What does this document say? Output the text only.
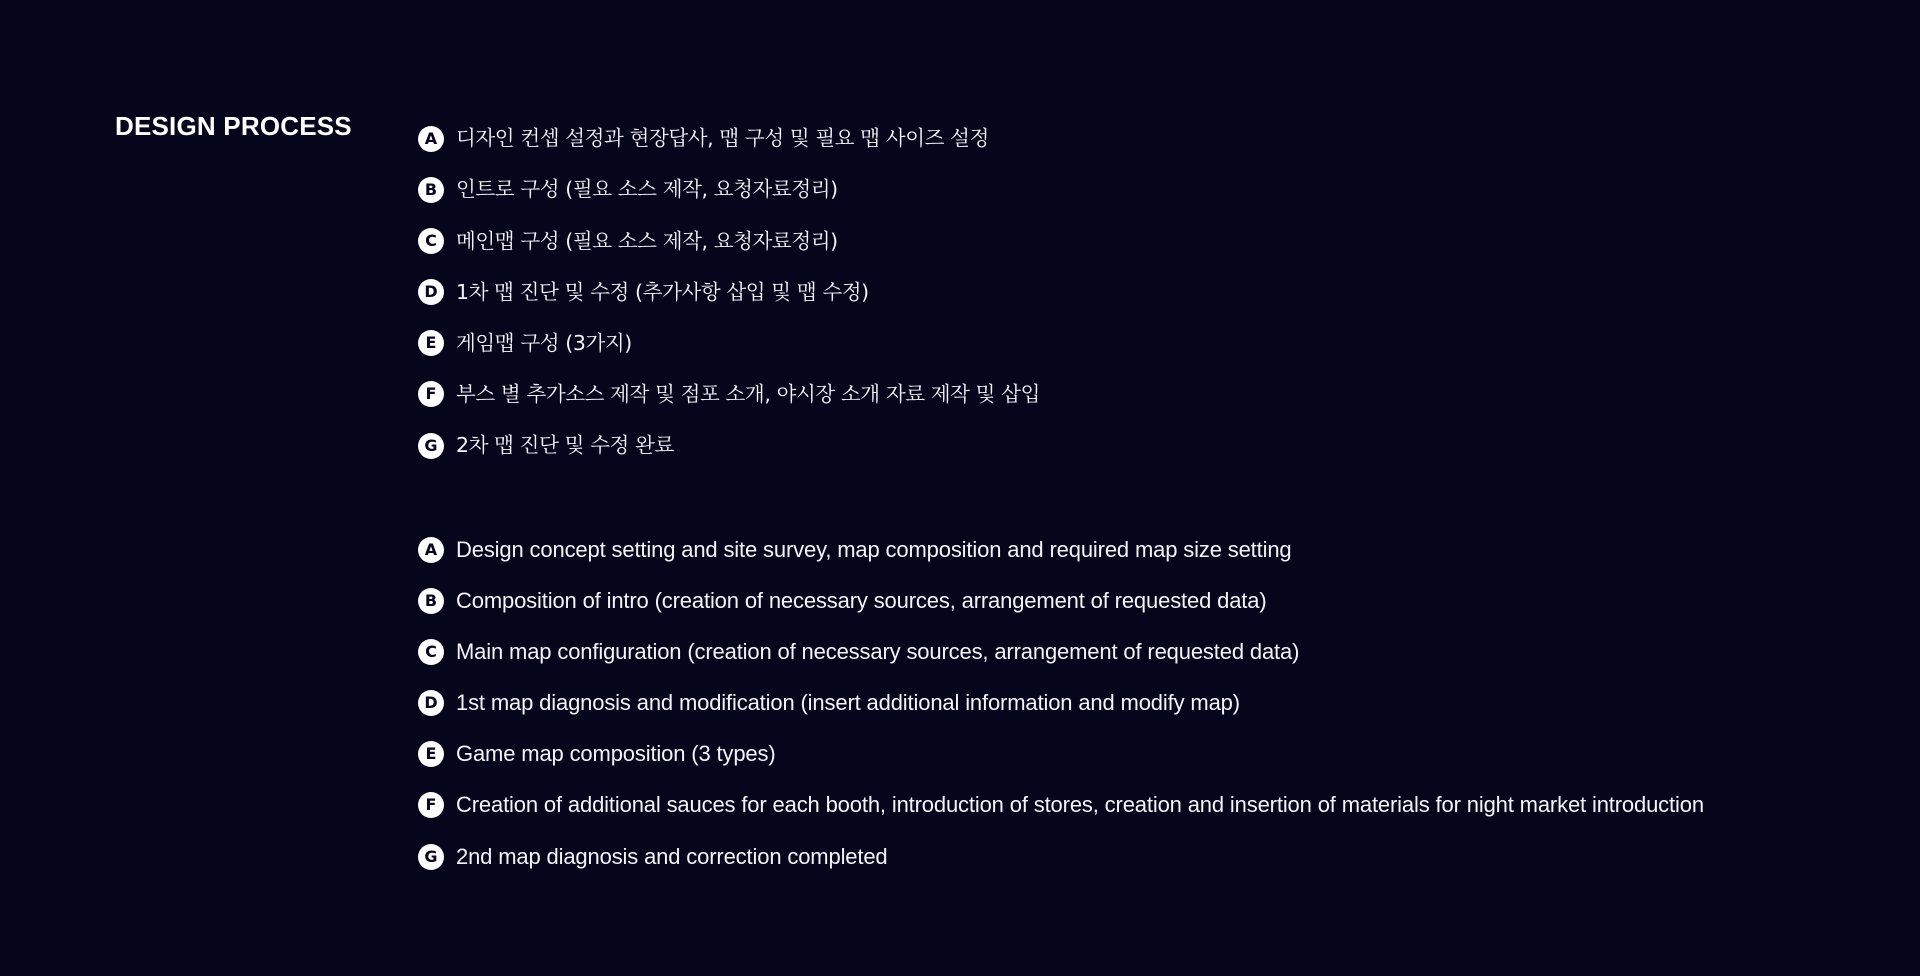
DESIGN PROCESS	A 디자인 컨셉 설정과 현장답사, 맵 구성 및 필요 맵 사이즈 설정
B 인트로 구성 (필요 소스 제작, 요청자료정리)
C 메인맵 구성 (필요 소스 제작, 요청자료정리)
D 1차 맵 진단 및 수정 (추가사항 삽입 및 맵 수정)
E 게임맵 구성 (3가지)
F 부스 별 추가소스 제작 및 점포 소개, 야시장 소개 자료 제작 및 삽입
G 2차 맵 진단 및 수정 완료
A Design concept setting and site survey, map composition and required map size setting
B Composition of intro (creation of necessary sources, arrangement of requested data)
C Main map configuration (creation of necessary sources, arrangement of requested data)
D 1st map diagnosis and modification (insert additional information and modify map)
E Game map composition (3 types)
F Creation of additional sauces for each booth, introduction of stores, creation and insertion of materials for night market introduction
G 2nd map diagnosis and correction completed
